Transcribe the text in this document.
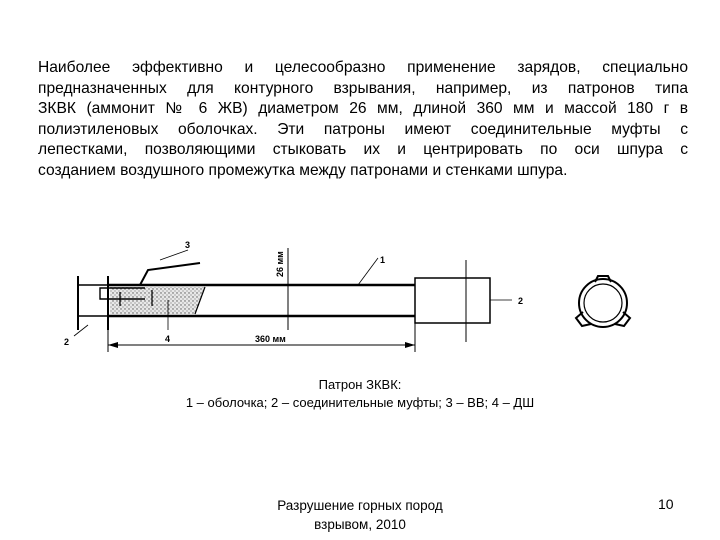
Наиболее эффективно и целесообразно применение зарядов, специально
предназначенных для контурного взрывания, например, из патронов типа
ЗКВК (аммонит № 6 ЖВ) диаметром 26 мм, длиной 360 мм и массой 180 г в
полиэтиленовых оболочках. Эти патроны имеют соединительные муфты с
лепестками, позволяющими стыковать их и центрировать по оси шпура с
созданием воздушного промежутка между патронами и стенками шпура.
3
1
2
2	4	360 мм
26 мм
Патрон ЗКВК:
1 – оболочка; 2 – соединительные муфты; 3 – ВВ; 4 – ДШ
Разрушение горных пород
взрывом, 2010
10
